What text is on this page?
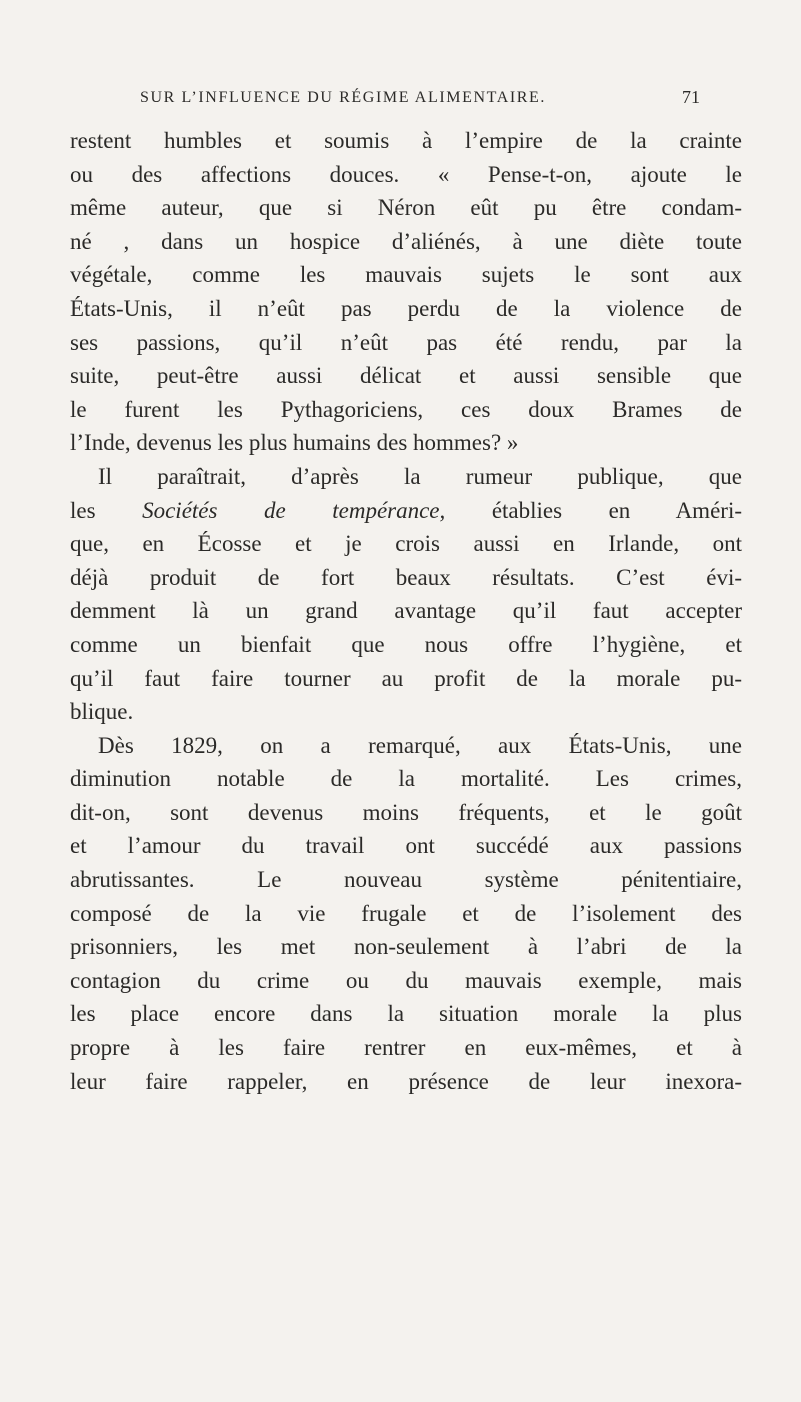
SUR L’INFLUENCE DU RÉGIME ALIMENTAIRE.	71
restent humbles et soumis à l’empire de la crainte
ou des affections douces. « Pense-t-on, ajoute le
même auteur, que si Néron eût pu être condam-
né , dans un hospice d’aliénés, à une diète toute
végétale, comme les mauvais sujets le sont aux
États-Unis, il n’eût pas perdu de la violence de
ses passions, qu’il n’eût pas été rendu, par la
suite, peut-être aussi délicat et aussi sensible que
le furent les Pythagoriciens, ces doux Brames de
l’Inde, devenus les plus humains des hommes? »
Il paraîtrait, d’après la rumeur publique, que
les Sociétés de tempérance, établies en Améri-
que, en Écosse et je crois aussi en Irlande, ont
déjà produit de fort beaux résultats. C’est évi-
demment là un grand avantage qu’il faut accepter
comme un bienfait que nous offre l’hygiène, et
qu’il faut faire tourner au profit de la morale pu-
blique.
Dès 1829, on a remarqué, aux États-Unis, une
diminution notable de la mortalité. Les crimes,
dit-on, sont devenus moins fréquents, et le goût
et l’amour du travail ont succédé aux passions
abrutissantes. Le nouveau système pénitentiaire,
composé de la vie frugale et de l’isolement des
prisonniers, les met non-seulement à l’abri de la
contagion du crime ou du mauvais exemple, mais
les place encore dans la situation morale la plus
propre à les faire rentrer en eux-mêmes, et à
leur faire rappeler, en présence de leur inexora-
